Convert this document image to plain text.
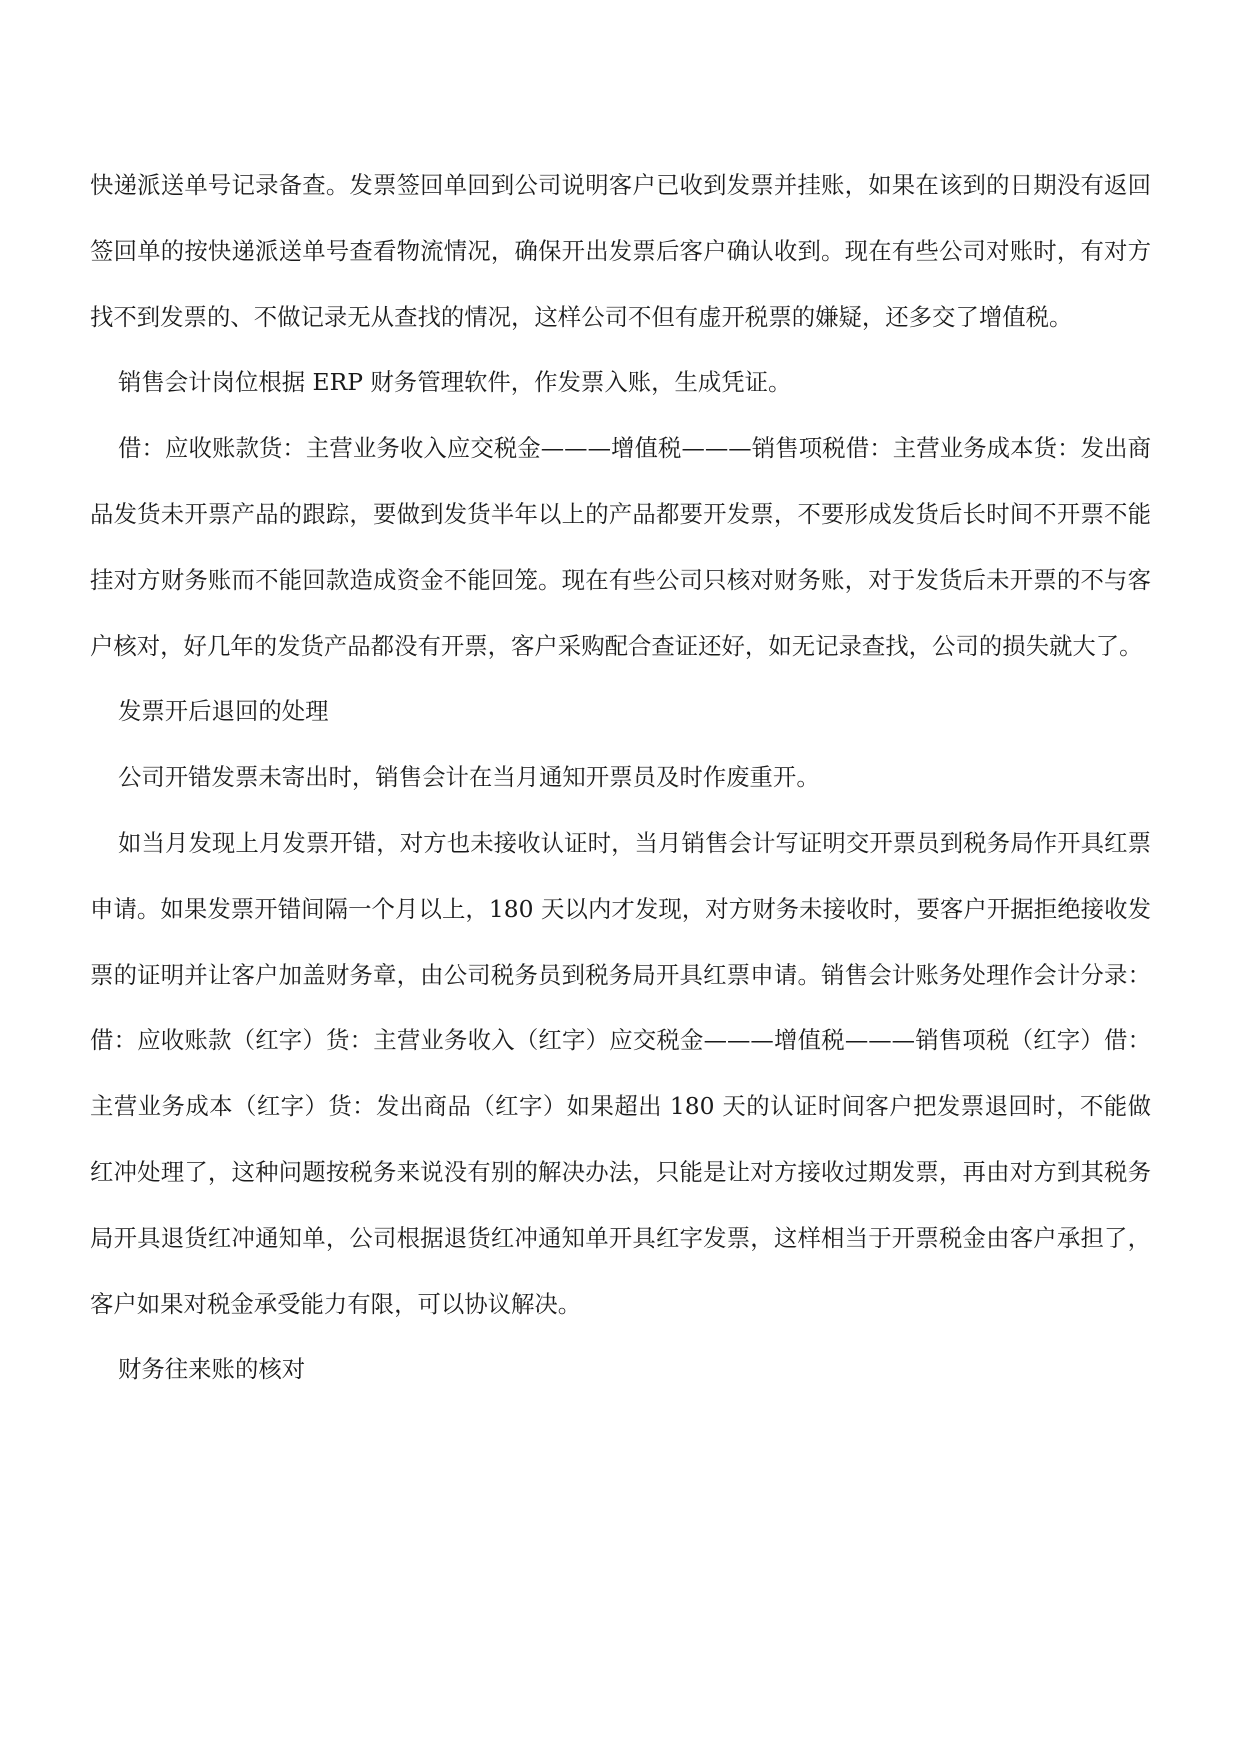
快递派送单号记录备查。发票签回单回到公司说明客户已收到发票并挂账，如果在该到的日期没有返回签回单的按快递派送单号查看物流情况，确保开出发票后客户确认收到。现在有些公司对账时，有对方找不到发票的、不做记录无从查找的情况，这样公司不但有虚开税票的嫌疑，还多交了增值税。

销售会计岗位根据 ERP 财务管理软件，作发票入账，生成凭证。

借：应收账款货：主营业务收入应交税金———增值税———销售项税借：主营业务成本货：发出商品发货未开票产品的跟踪，要做到发货半年以上的产品都要开发票，不要形成发货后长时间不开票不能挂对方财务账而不能回款造成资金不能回笼。现在有些公司只核对财务账，对于发货后未开票的不与客户核对，好几年的发货产品都没有开票，客户采购配合查证还好，如无记录查找，公司的损失就大了。

发票开后退回的处理

公司开错发票未寄出时，销售会计在当月通知开票员及时作废重开。

如当月发现上月发票开错，对方也未接收认证时，当月销售会计写证明交开票员到税务局作开具红票申请。如果发票开错间隔一个月以上，180 天以内才发现，对方财务未接收时，要客户开据拒绝接收发票的证明并让客户加盖财务章，由公司税务员到税务局开具红票申请。销售会计账务处理作会计分录：借：应收账款（红字）货：主营业务收入（红字）应交税金———增值税———销售项税（红字）借：主营业务成本（红字）货：发出商品（红字）如果超出 180 天的认证时间客户把发票退回时，不能做红冲处理了，这种问题按税务来说没有别的解决办法，只能是让对方接收过期发票，再由对方到其税务局开具退货红冲通知单，公司根据退货红冲通知单开具红字发票，这样相当于开票税金由客户承担了，客户如果对税金承受能力有限，可以协议解决。

财务往来账的核对
